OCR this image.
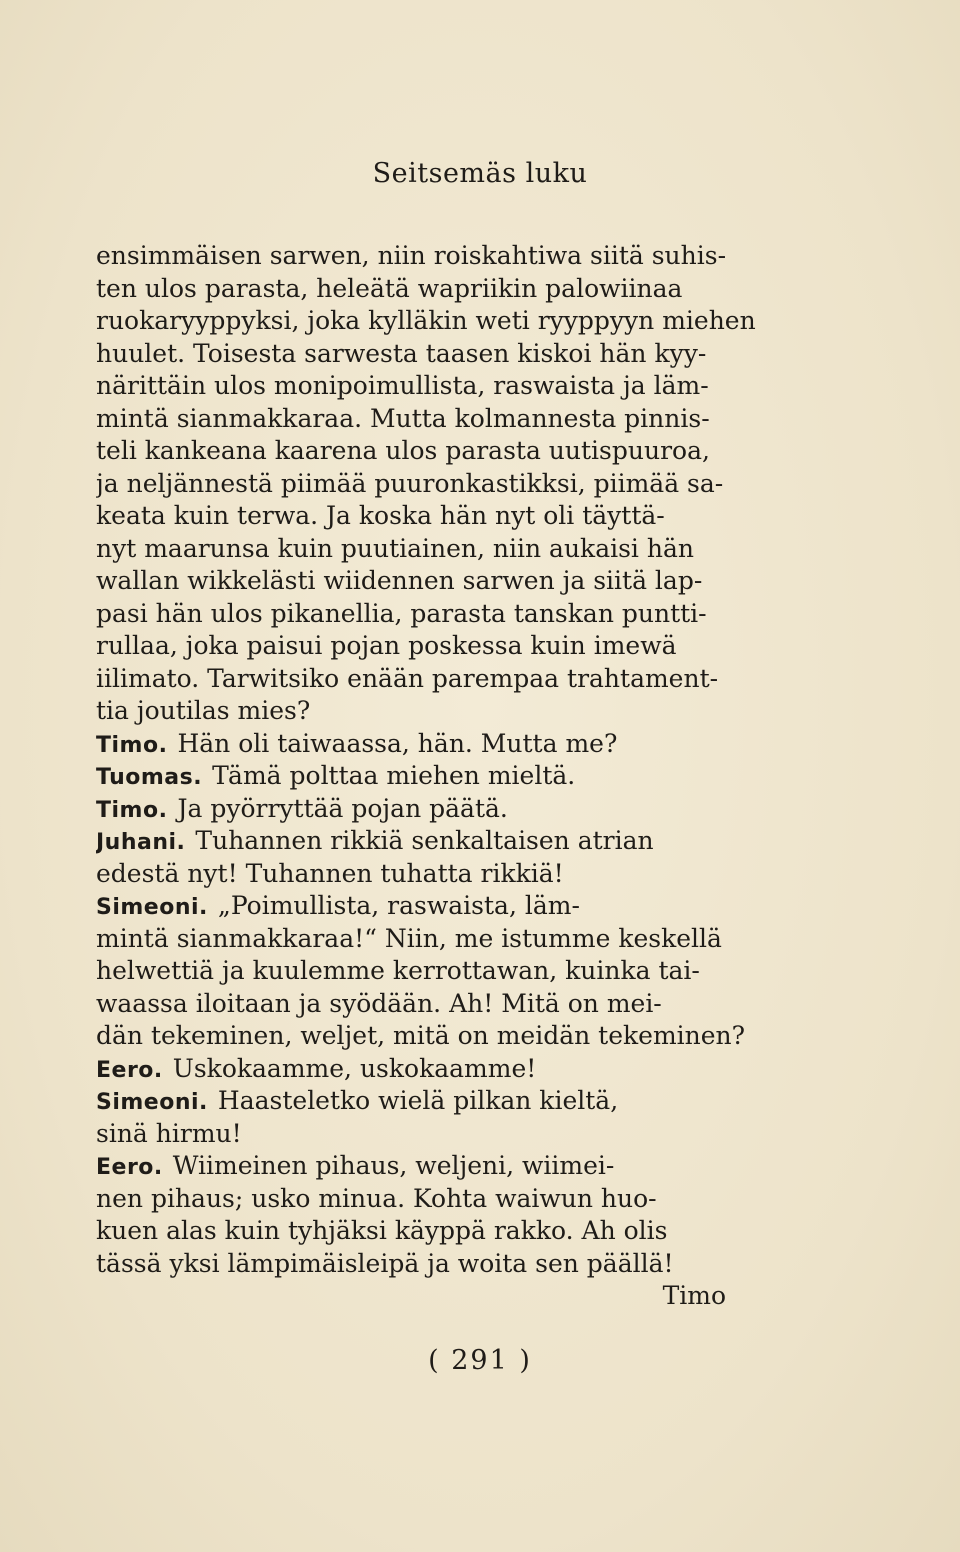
Seitsemäs luku
ensimmäisen sarwen, niin roiskahtiwa siitä suhis-
ten ulos parasta, heleätä wapriikin palowiinaa
ruokaryyppyksi, joka kylläkin weti ryyppyyn miehen
huulet. Toisesta sarwesta taasen kiskoi hän kyy-
närittäin ulos monipoimullista, raswaista ja läm-
mintä sianmakkaraa. Mutta kolmannesta pinnis-
teli kankeana kaarena ulos parasta uutispuuroa,
ja neljännestä piimää puuronkastikksi, piimää sa-
keata kuin terwa. Ja koska hän nyt oli täyttä-
nyt maarunsa kuin puutiainen, niin aukaisi hän
wallan wikkelästi wiidennen sarwen ja siitä lap-
pasi hän ulos pikanellia, parasta tanskan puntti-
rullaa, joka paisui pojan poskessa kuin imewä
iilimato. Tarwitsiko enään parempaa trahtament-
tia joutilas mies?
Timo. Hän oli taiwaassa, hän. Mutta me?
Tuomas. Tämä polttaa miehen mieltä.
Timo. Ja pyörryttää pojan päätä.
Juhani. Tuhannen rikkiä senkaltaisen atrian
edestä nyt! Tuhannen tuhatta rikkiä!
Simeoni. „Poimullista, raswaista, läm-
mintä sianmakkaraa!“ Niin, me istumme keskellä
helwettiä ja kuulemme kerrottawan, kuinka tai-
waassa iloitaan ja syödään. Ah! Mitä on mei-
dän tekeminen, weljet, mitä on meidän tekeminen?
Eero. Uskokaamme, uskokaamme!
Simeoni. Haasteletko wielä pilkan kieltä,
sinä hirmu!
Eero. Wiimeinen pihaus, weljeni, wiimei-
nen pihaus; usko minua. Kohta waiwun huo-
kuen alas kuin tyhjäksi käyppä rakko. Ah olis
tässä yksi lämpimäisleipä ja woita sen päällä!
Timo
( 291 )
